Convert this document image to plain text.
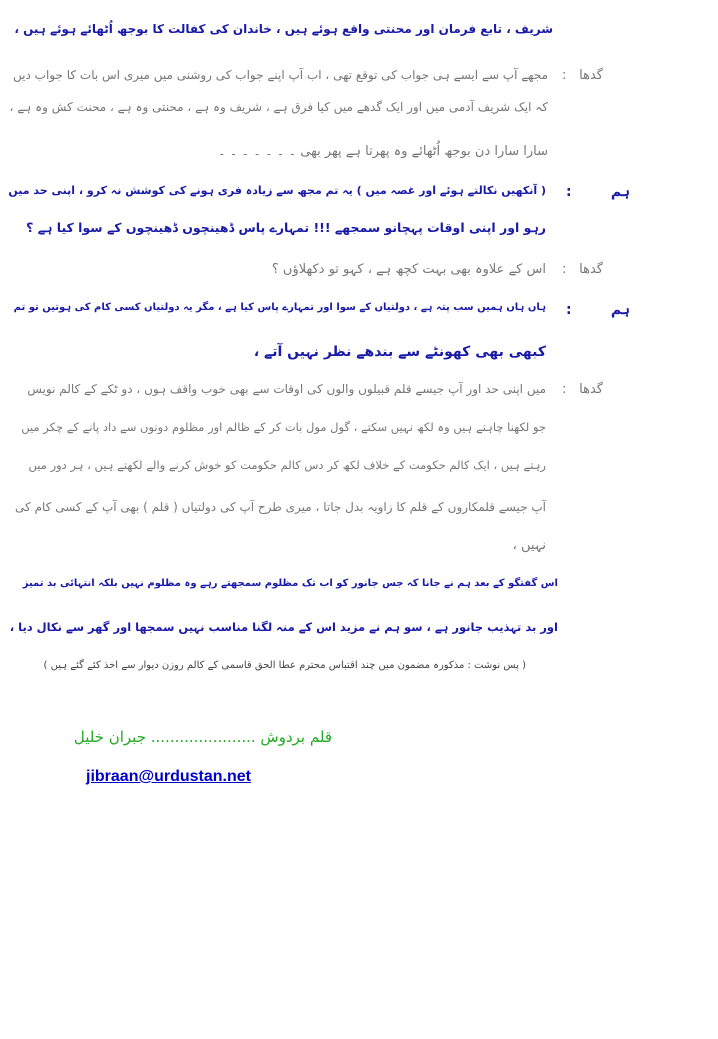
شریف ، تابع فرمان اور محنتی واقع ہوئے ہیں ، خاندان کی کفالت کا بوجھ اُٹھائے ہوئے ہیں ،
گدھا
:
مجھے آپ سے ایسے ہی جواب کی توقع تھی ، اب آپ اپنے جواب کی روشنی میں میری اس بات کا جواب دیں
کہ ایک شریف آدمی میں اور ایک گدھے میں کیا فرق ہے ، شریف وہ ہے ، محنتی وہ ہے ، محنت کش وہ ہے ،
سارا سارا دن بوجھ اُٹھائے وہ پھرتا ہے پھر بھی ۔ ۔ ۔ ۔ ۔ ۔ ۔
ہم
:
( آنکھیں نکالتے ہوئے اور غصہ میں ) یہ تم مجھ سے زیادہ فری ہونے کی کوشش نہ کرو ، اپنی حد میں
رہو اور اپنی اوقات پہچانو سمجھے !!! تمہارے پاس ڈھینچوں ڈھینچوں کے سوا کیا ہے ؟
گدھا
:
اس کے علاوہ بھی بہت کچھ ہے ، کہو تو دکھلاؤں ؟
ہم
:
ہاں ہاں ہمیں سب پتہ ہے ، دولتیاں کے سوا اور تمہارے پاس کیا ہے ، مگر یہ دولتیاں کسی کام کی ہوتیں تو تم
کبھی بھی کھونٹے سے بندھے نظر نہیں آتے ،
گدھا
:
میں اپنی حد اور آپ جیسے قلم قبیلوں والوں کی اوقات سے بھی خوب واقف ہوں ، دو ٹکے کے کالم نویس
جو لکھنا چاہتے ہیں وہ لکھ نہیں سکتے ، گول مول بات کر کے ظالم اور مظلوم دونوں سے داد پانے کے چکر میں
رہتے ہیں ، ایک کالم حکومت کے خلاف لکھ کر دس کالم حکومت کو خوش کرنے والے لکھتے ہیں ، ہر دور میں
آپ جیسے قلمکاروں کے قلم کا زاویہ بدل جاتا ، میری طرح آپ کی دولتیاں ( قلم ) بھی آپ کے کسی کام کی
نہیں ،
اس گفتگو کے بعد ہم نے جانا کہ جس جانور کو اب تک مظلوم سمجھتے رہے وہ مظلوم نہیں بلکہ انتہائی بد تمیز
اور بد تہذیب جانور ہے ، سو ہم نے مزید اس کے منہ لگنا مناسب نہیں سمجھا اور گھر سے نکال دیا ،
( پس نوشت : مذکورہ مضمون میں چند اقتباس محترم عطا الحق قاسمی کے کالم روزن دیوار سے اخذ کئے گئے ہیں )
قلم بردوش ...................... جبران خلیل
jibraan@urdustan.net
